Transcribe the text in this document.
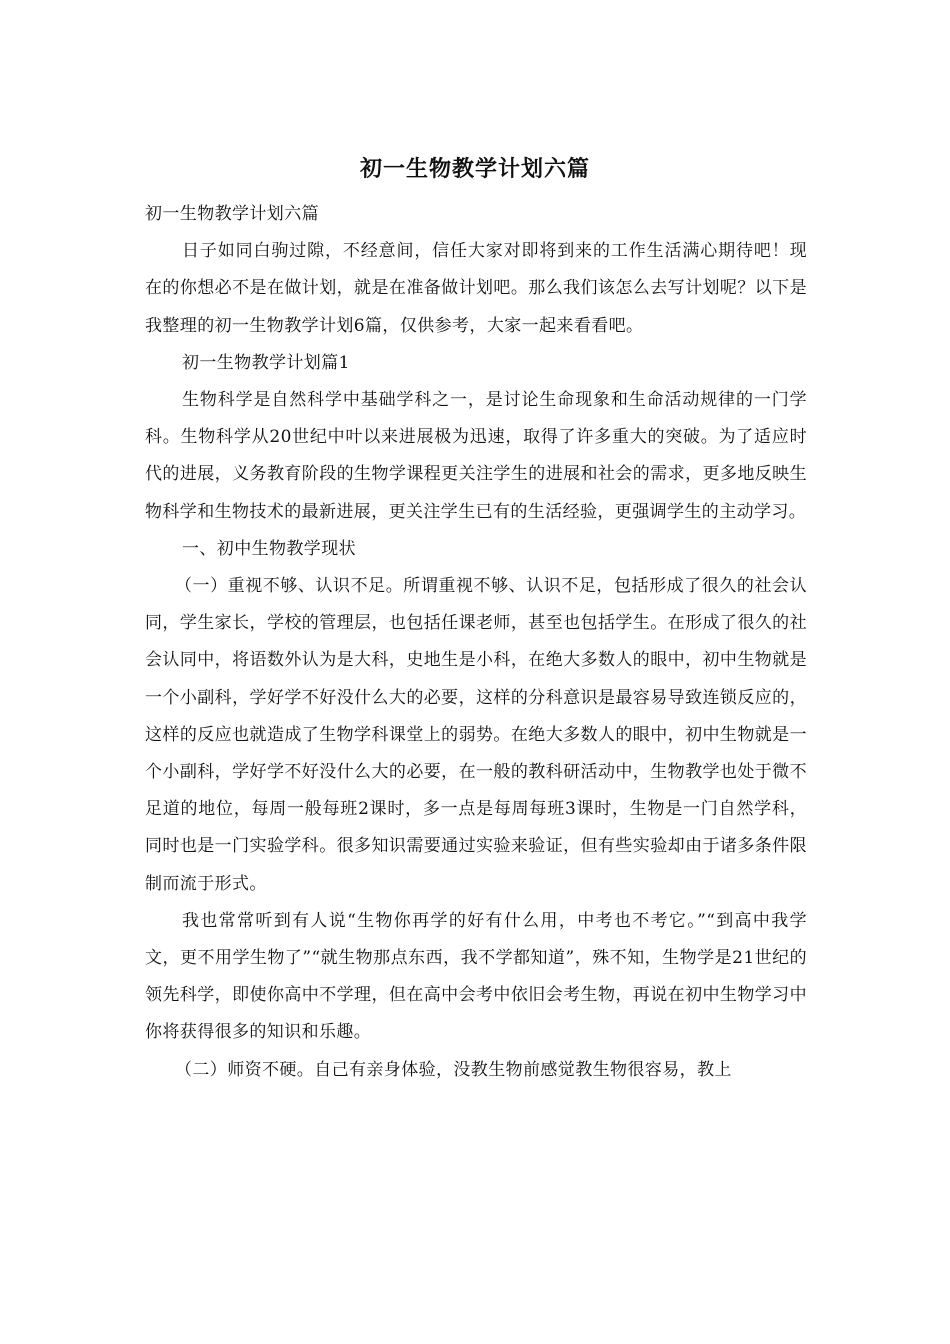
初一生物教学计划六篇

初一生物教学计划六篇

日子如同白驹过隙，不经意间，信任大家对即将到来的工作生活满心期待吧！现在的你想必不是在做计划，就是在准备做计划吧。那么我们该怎么去写计划呢？以下是我整理的初一生物教学计划6篇，仅供参考，大家一起来看看吧。

初一生物教学计划篇1

生物科学是自然科学中基础学科之一，是讨论生命现象和生命活动规律的一门学科。生物科学从20世纪中叶以来进展极为迅速，取得了许多重大的突破。为了适应时代的进展，义务教育阶段的生物学课程更关注学生的进展和社会的需求，更多地反映生物科学和生物技术的最新进展，更关注学生已有的生活经验，更强调学生的主动学习。

一、初中生物教学现状

（一）重视不够、认识不足。所谓重视不够、认识不足，包括形成了很久的社会认同，学生家长，学校的管理层，也包括任课老师，甚至也包括学生。在形成了很久的社会认同中，将语数外认为是大科，史地生是小科，在绝大多数人的眼中，初中生物就是一个小副科，学好学不好没什么大的必要，这样的分科意识是最容易导致连锁反应的，这样的反应也就造成了生物学科课堂上的弱势。在绝大多数人的眼中，初中生物就是一个小副科，学好学不好没什么大的必要，在一般的教科研活动中，生物教学也处于微不足道的地位，每周一般每班2课时，多一点是每周每班3课时，生物是一门自然学科，同时也是一门实验学科。很多知识需要通过实验来验证，但有些实验却由于诸多条件限制而流于形式。

我也常常听到有人说“生物你再学的好有什么用，中考也不考它。”“到高中我学文，更不用学生物了”“就生物那点东西，我不学都知道”，殊不知，生物学是21世纪的领先科学，即使你高中不学理，但在高中会考中依旧会考生物，再说在初中生物学习中你将获得很多的知识和乐趣。

（二）师资不硬。自己有亲身体验，没教生物前感觉教生物很容易，教上
